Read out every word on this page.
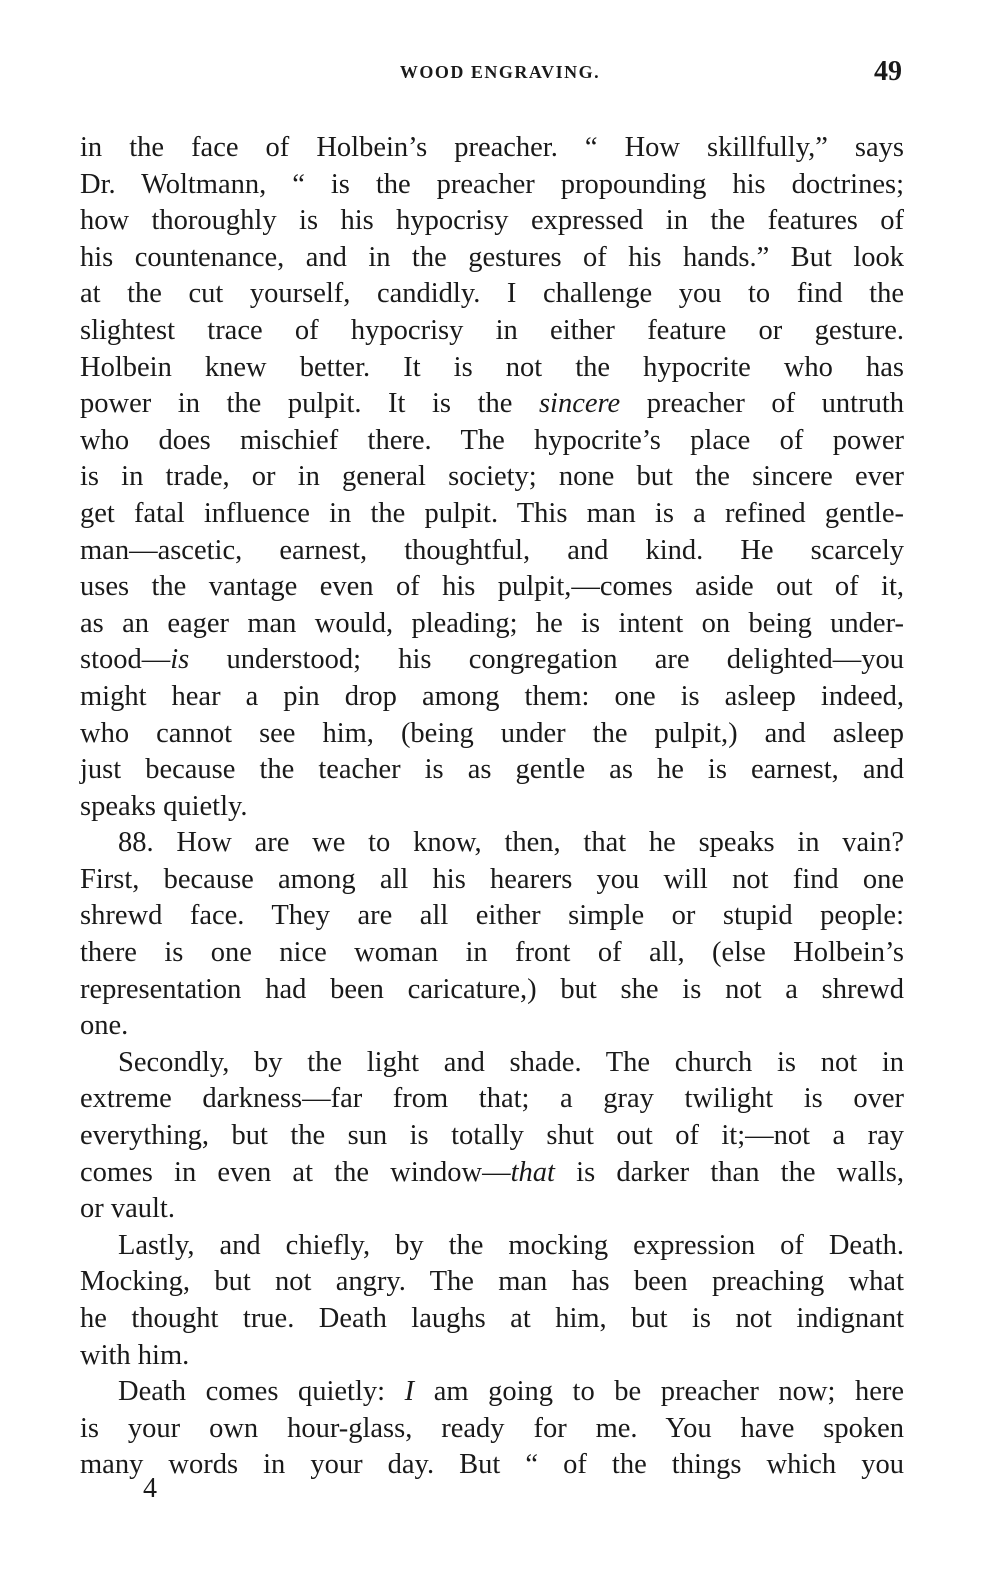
WOOD ENGRAVING.	49
in the face of Holbein’s preacher. “ How skillfully,” says
Dr. Woltmann, “ is the preacher propounding his doctrines;
how thoroughly is his hypocrisy expressed in the features of
his countenance, and in the gestures of his hands.” But look
at the cut yourself, candidly. I challenge you to find the
slightest trace of hypocrisy in either feature or gesture.
Holbein knew better. It is not the hypocrite who has
power in the pulpit. It is the sincere preacher of untruth
who does mischief there. The hypocrite’s place of power
is in trade, or in general society; none but the sincere ever
get fatal influence in the pulpit. This man is a refined gentle-
man—ascetic, earnest, thoughtful, and kind. He scarcely
uses the vantage even of his pulpit,—comes aside out of it,
as an eager man would, pleading; he is intent on being under-
stood—is understood; his congregation are delighted—you
might hear a pin drop among them: one is asleep indeed,
who cannot see him, (being under the pulpit,) and asleep
just because the teacher is as gentle as he is earnest, and
speaks quietly.
88. How are we to know, then, that he speaks in vain?
First, because among all his hearers you will not find one
shrewd face. They are all either simple or stupid people:
there is one nice woman in front of all, (else Holbein’s
representation had been caricature,) but she is not a shrewd
one.
Secondly, by the light and shade. The church is not in
extreme darkness—far from that; a gray twilight is over
everything, but the sun is totally shut out of it;—not a ray
comes in even at the window—that is darker than the walls,
or vault.
Lastly, and chiefly, by the mocking expression of Death.
Mocking, but not angry. The man has been preaching what
he thought true. Death laughs at him, but is not indignant
with him.
Death comes quietly: I am going to be preacher now; here
is your own hour-glass, ready for me. You have spoken
many words in your day. But “ of the things which you
4
